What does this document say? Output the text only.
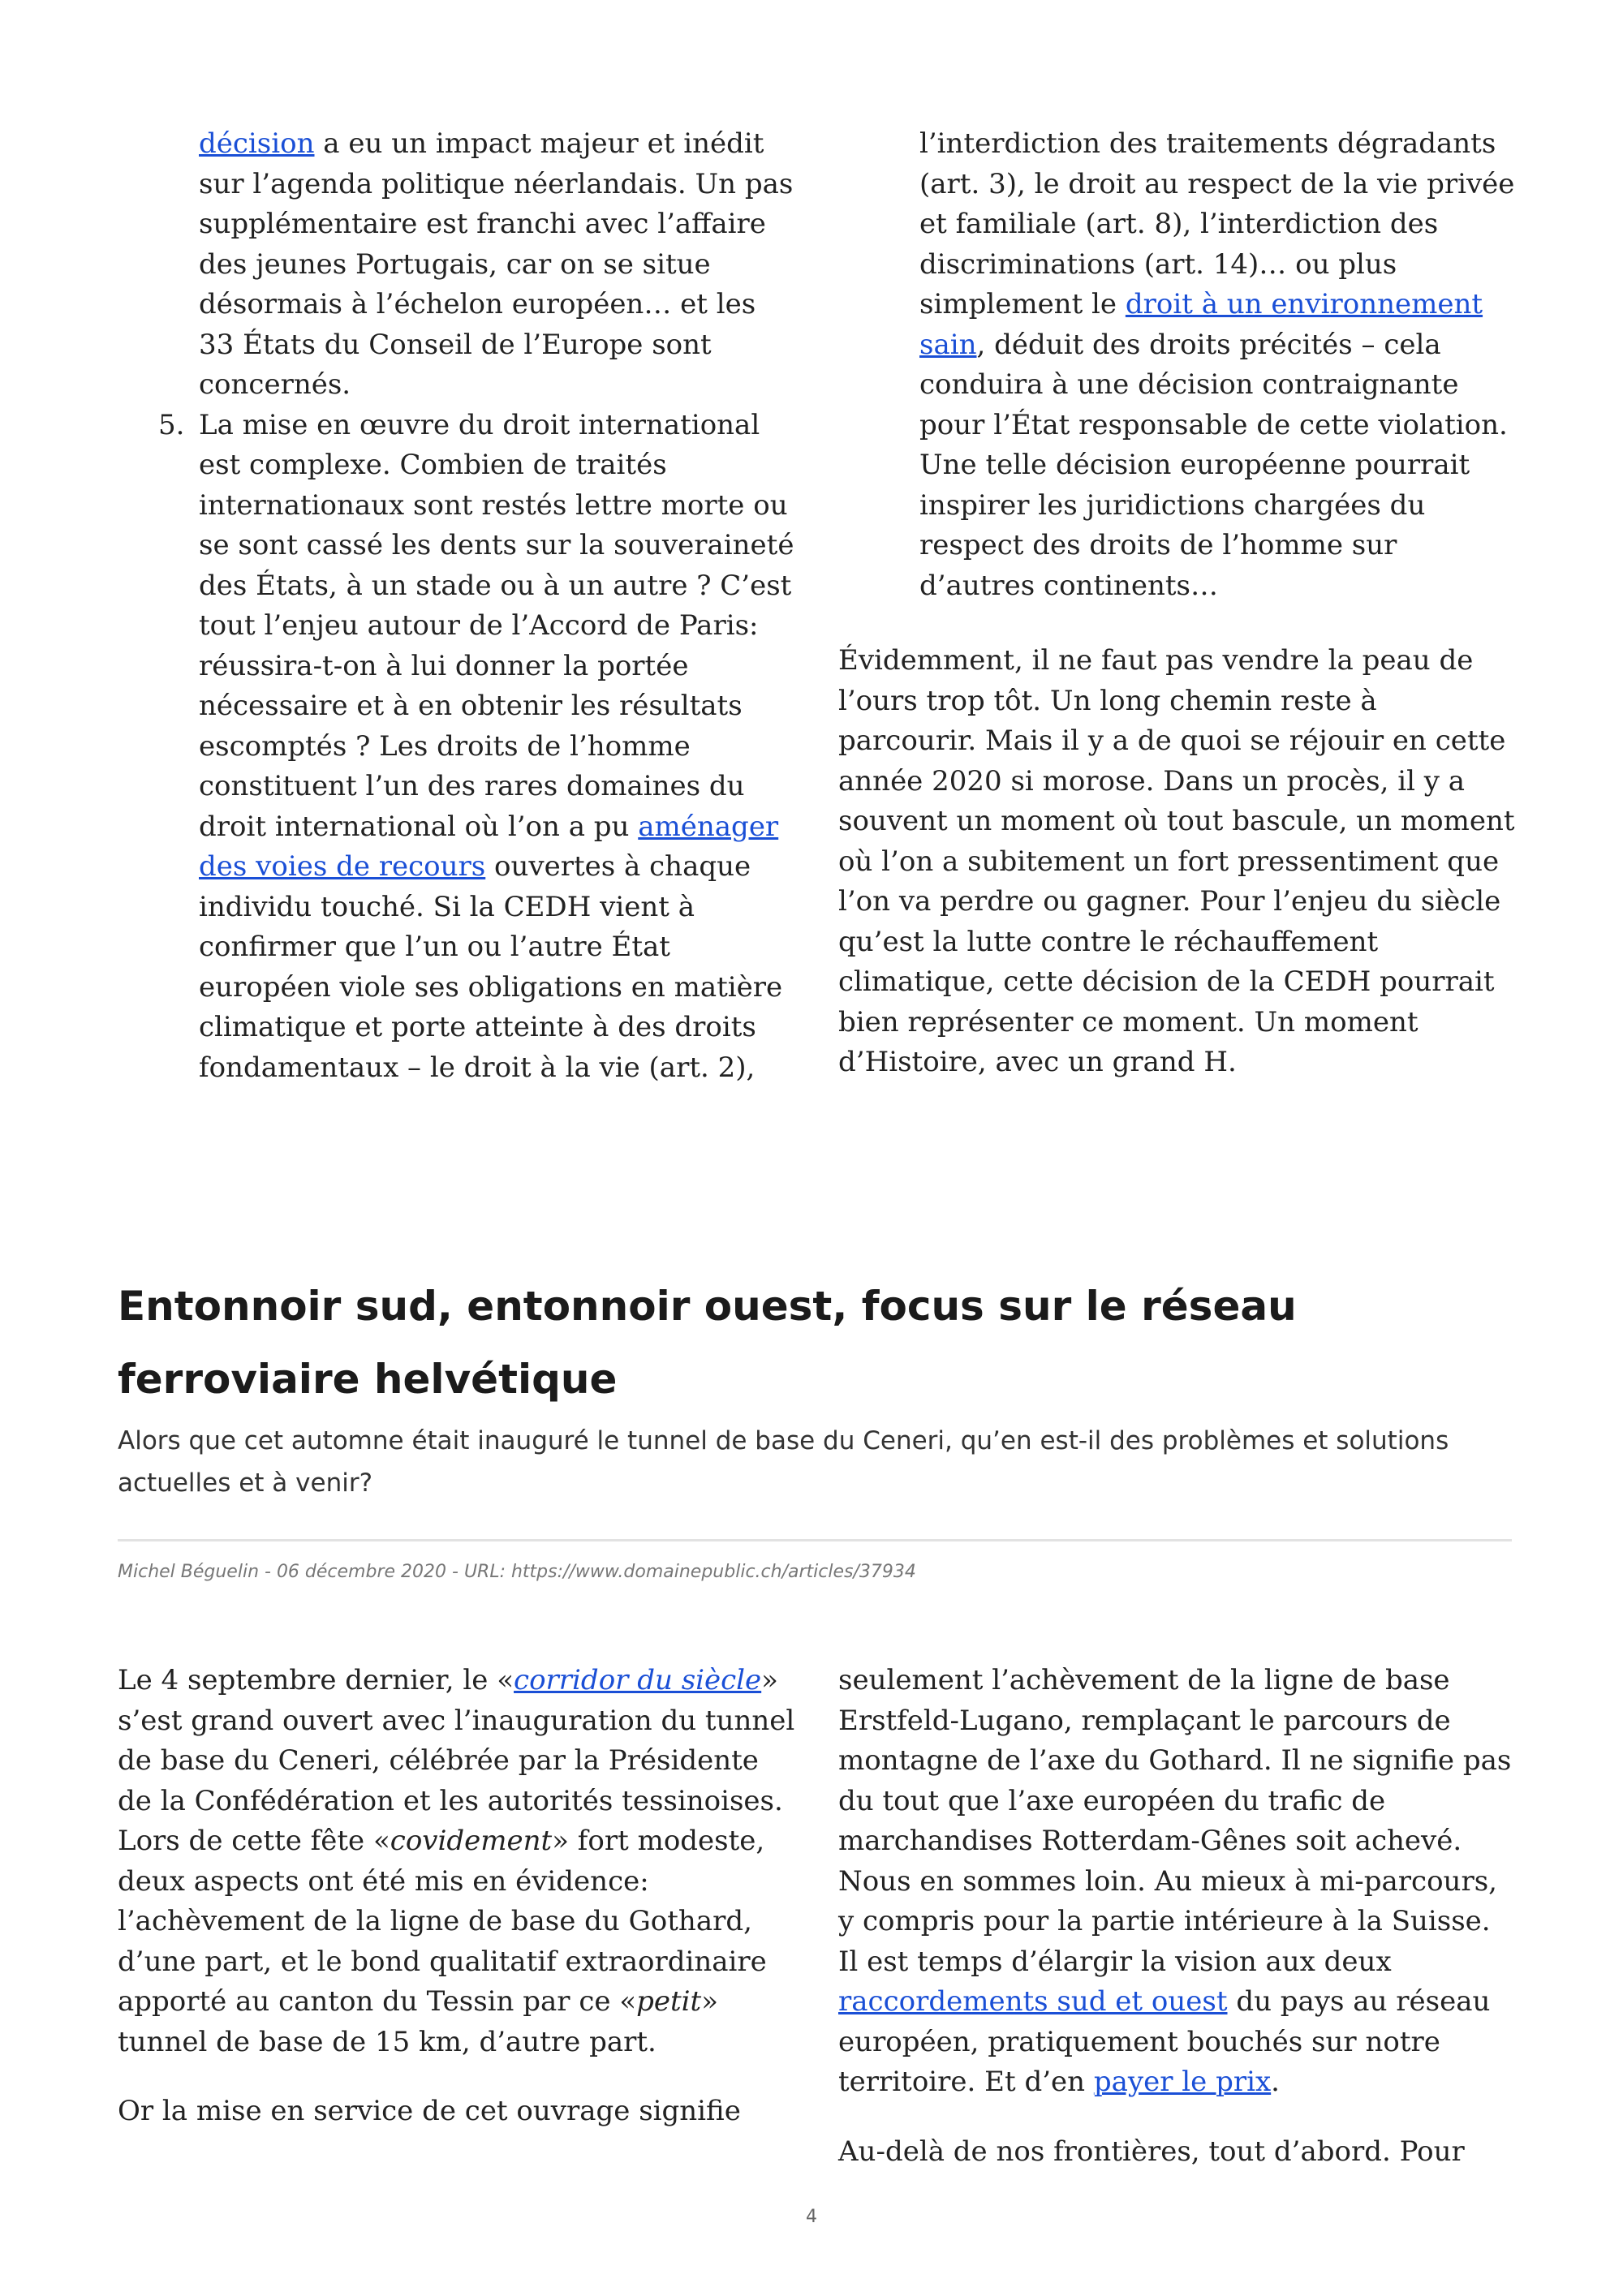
décision a eu un impact majeur et inédit sur l’agenda politique néerlandais. Un pas supplémentaire est franchi avec l’affaire des jeunes Portugais, car on se situe désormais à l’échelon européen… et les 33 États du Conseil de l’Europe sont concernés.
5. La mise en œuvre du droit international est complexe. Combien de traités internationaux sont restés lettre morte ou se sont cassé les dents sur la souveraineté des États, à un stade ou à un autre ? C’est tout l’enjeu autour de l’Accord de Paris: réussira-t-on à lui donner la portée nécessaire et à en obtenir les résultats escomptés ? Les droits de l’homme constituent l’un des rares domaines du droit international où l’on a pu aménager des voies de recours ouvertes à chaque individu touché. Si la CEDH vient à confirmer que l’un ou l’autre État européen viole ses obligations en matière climatique et porte atteinte à des droits fondamentaux – le droit à la vie (art. 2),

l’interdiction des traitements dégradants (art. 3), le droit au respect de la vie privée et familiale (art. 8), l’interdiction des discriminations (art. 14)… ou plus simplement le droit à un environnement sain, déduit des droits précités – cela conduira à une décision contraignante pour l’État responsable de cette violation. Une telle décision européenne pourrait inspirer les juridictions chargées du respect des droits de l’homme sur d’autres continents…

Évidemment, il ne faut pas vendre la peau de l’ours trop tôt. Un long chemin reste à parcourir. Mais il y a de quoi se réjouir en cette année 2020 si morose. Dans un procès, il y a souvent un moment où tout bascule, un moment où l’on a subitement un fort pressentiment que l’on va perdre ou gagner. Pour l’enjeu du siècle qu’est la lutte contre le réchauffement climatique, cette décision de la CEDH pourrait bien représenter ce moment. Un moment d’Histoire, avec un grand H.

Entonnoir sud, entonnoir ouest, focus sur le réseau ferroviaire helvétique

Alors que cet automne était inauguré le tunnel de base du Ceneri, qu’en est-il des problèmes et solutions actuelles et à venir?

Michel Béguelin - 06 décembre 2020 - URL: https://www.domainepublic.ch/articles/37934

Le 4 septembre dernier, le «corridor du siècle» s’est grand ouvert avec l’inauguration du tunnel de base du Ceneri, célébrée par la Présidente de la Confédération et les autorités tessinoises. Lors de cette fête «covidement» fort modeste, deux aspects ont été mis en évidence: l’achèvement de la ligne de base du Gothard, d’une part, et le bond qualitatif extraordinaire apporté au canton du Tessin par ce «petit» tunnel de base de 15 km, d’autre part.

Or la mise en service de cet ouvrage signifie

seulement l’achèvement de la ligne de base Erstfeld-Lugano, remplaçant le parcours de montagne de l’axe du Gothard. Il ne signifie pas du tout que l’axe européen du trafic de marchandises Rotterdam-Gênes soit achevé. Nous en sommes loin. Au mieux à mi-parcours, y compris pour la partie intérieure à la Suisse. Il est temps d’élargir la vision aux deux raccordements sud et ouest du pays au réseau européen, pratiquement bouchés sur notre territoire. Et d’en payer le prix.

Au-delà de nos frontières, tout d’abord. Pour

4
